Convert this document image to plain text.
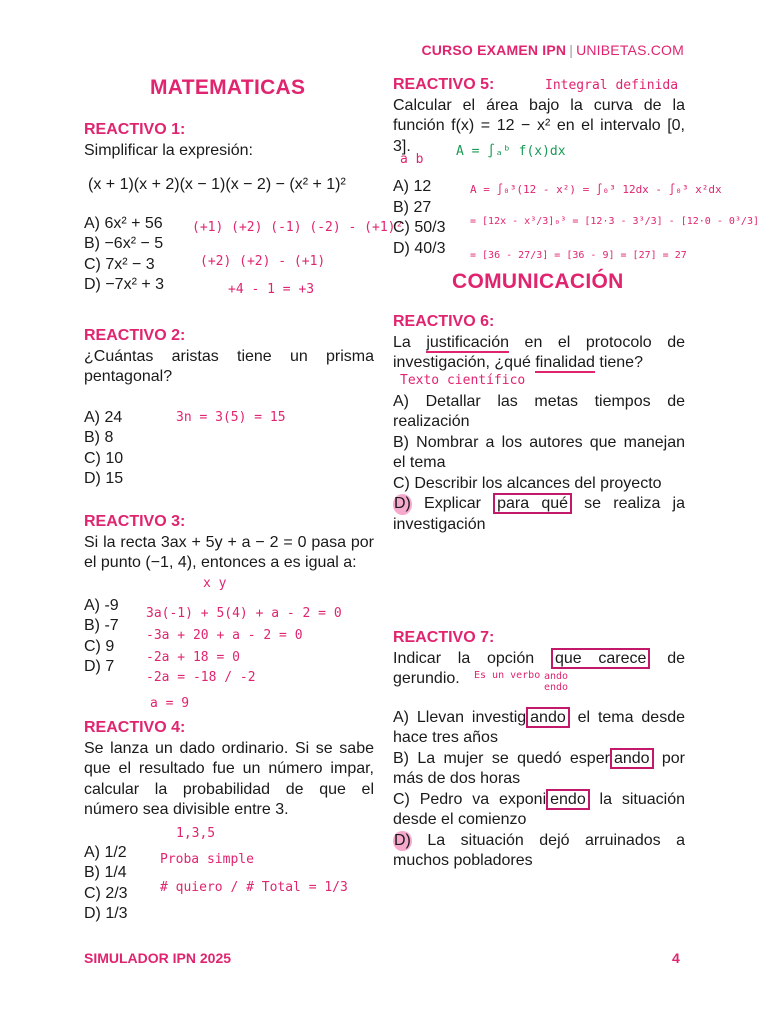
CURSO EXAMEN IPN | UNIBETAS.COM
MATEMATICAS
REACTIVO 1:

Simplificar la expresión:

(x + 1)(x + 2)(x − 1)(x − 2) − (x² + 1)²
A) 6x² + 56
B) −6x² − 5
C) 7x² − 3
D) −7x² + 3
(+1) (+2) (-1) (-2) - (+1)²
(+2) (+2) - (+1)
+4 - 1 = +3
REACTIVO 2:

¿Cuántas aristas tiene un prisma pentagonal?

A) 24
B) 8
C) 10
D) 15
3n = 3(5) = 15
REACTIVO 3:

Si la recta 3ax + 5y + a − 2 = 0 pasa por el punto (−1, 4), entonces a es igual a:

A) -9
B) -7
C) 9
D) 7
x y
3a(-1) + 5(4) + a - 2 = 0
-3a + 20 + a - 2 = 0
-2a + 18 = 0
-2a = -18 / -2
a = 9
REACTIVO 4:

Se lanza un dado ordinario. Si se sabe que el resultado fue un número impar, calcular la probabilidad de que el número sea divisible entre 3.

A) 1/2
B) 1/4
C) 2/3
D) 1/3
1,3,5
Proba simple
# quiero / # Total = 1/3
REACTIVO 5:

Calcular el área bajo la curva de la función f(x) = 12 − x² en el intervalo [0, 3].

A) 12
B) 27
C) 50/3
D) 40/3
Integral definida
a b
A = ∫ₐᵇ f(x)dx
A = ∫₀³(12 - x²) = ∫₀³ 12dx - ∫₀³ x²dx
= [12x - x³/3]₀³ = [12·3 - 3³/3] - [12·0 - 0³/3]
= [36 - 27/3] = [36 - 9] = [27] = 27
COMUNICACIÓN
REACTIVO 6:

La justificación en el protocolo de investigación, ¿qué finalidad tiene?

A) Detallar las metas tiempos de realización

B) Nombrar a los autores que manejan el tema

C) Describir los alcances del proyecto

D) Explicar para qué se realiza ja investigación

Texto científico
REACTIVO 7:

Indicar la opción que carece de gerundio.

A) Llevan investig ando el tema desde hace tres años

B) La mujer se quedó esper ando por más de dos horas

C) Pedro va exponi endo la situación desde el comienzo

D) La situación dejó arruinados a muchos pobladores

Es un verbo ando endo
SIMULADOR IPN 2025	4
